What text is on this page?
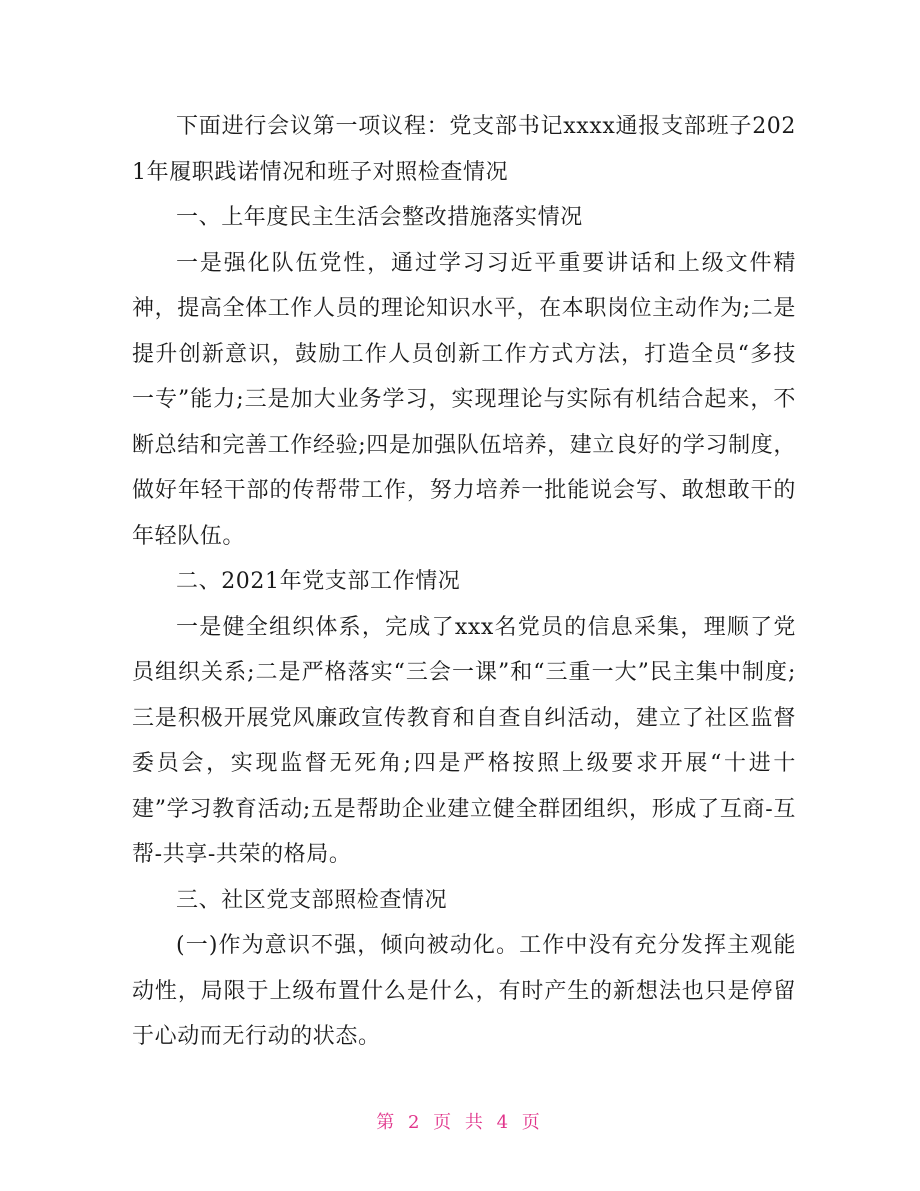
下面进行会议第一项议程：党支部书记xxxx通报支部班子2021年履职践诺情况和班子对照检查情况

一、上年度民主生活会整改措施落实情况

一是强化队伍党性，通过学习习近平重要讲话和上级文件精神，提高全体工作人员的理论知识水平，在本职岗位主动作为;二是提升创新意识，鼓励工作人员创新工作方式方法，打造全员“多技一专”能力;三是加大业务学习，实现理论与实际有机结合起来，不断总结和完善工作经验;四是加强队伍培养，建立良好的学习制度，做好年轻干部的传帮带工作，努力培养一批能说会写、敢想敢干的年轻队伍。

二、2021年党支部工作情况

一是健全组织体系，完成了xxx名党员的信息采集，理顺了党员组织关系;二是严格落实“三会一课”和“三重一大”民主集中制度;三是积极开展党风廉政宣传教育和自查自纠活动，建立了社区监督委员会，实现监督无死角;四是严格按照上级要求开展“十进十建”学习教育活动;五是帮助企业建立健全群团组织，形成了互商-互帮-共享-共荣的格局。

三、社区党支部照检查情况

(一)作为意识不强，倾向被动化。工作中没有充分发挥主观能动性，局限于上级布置什么是什么，有时产生的新想法也只是停留于心动而无行动的状态。

第 2 页 共 4 页
